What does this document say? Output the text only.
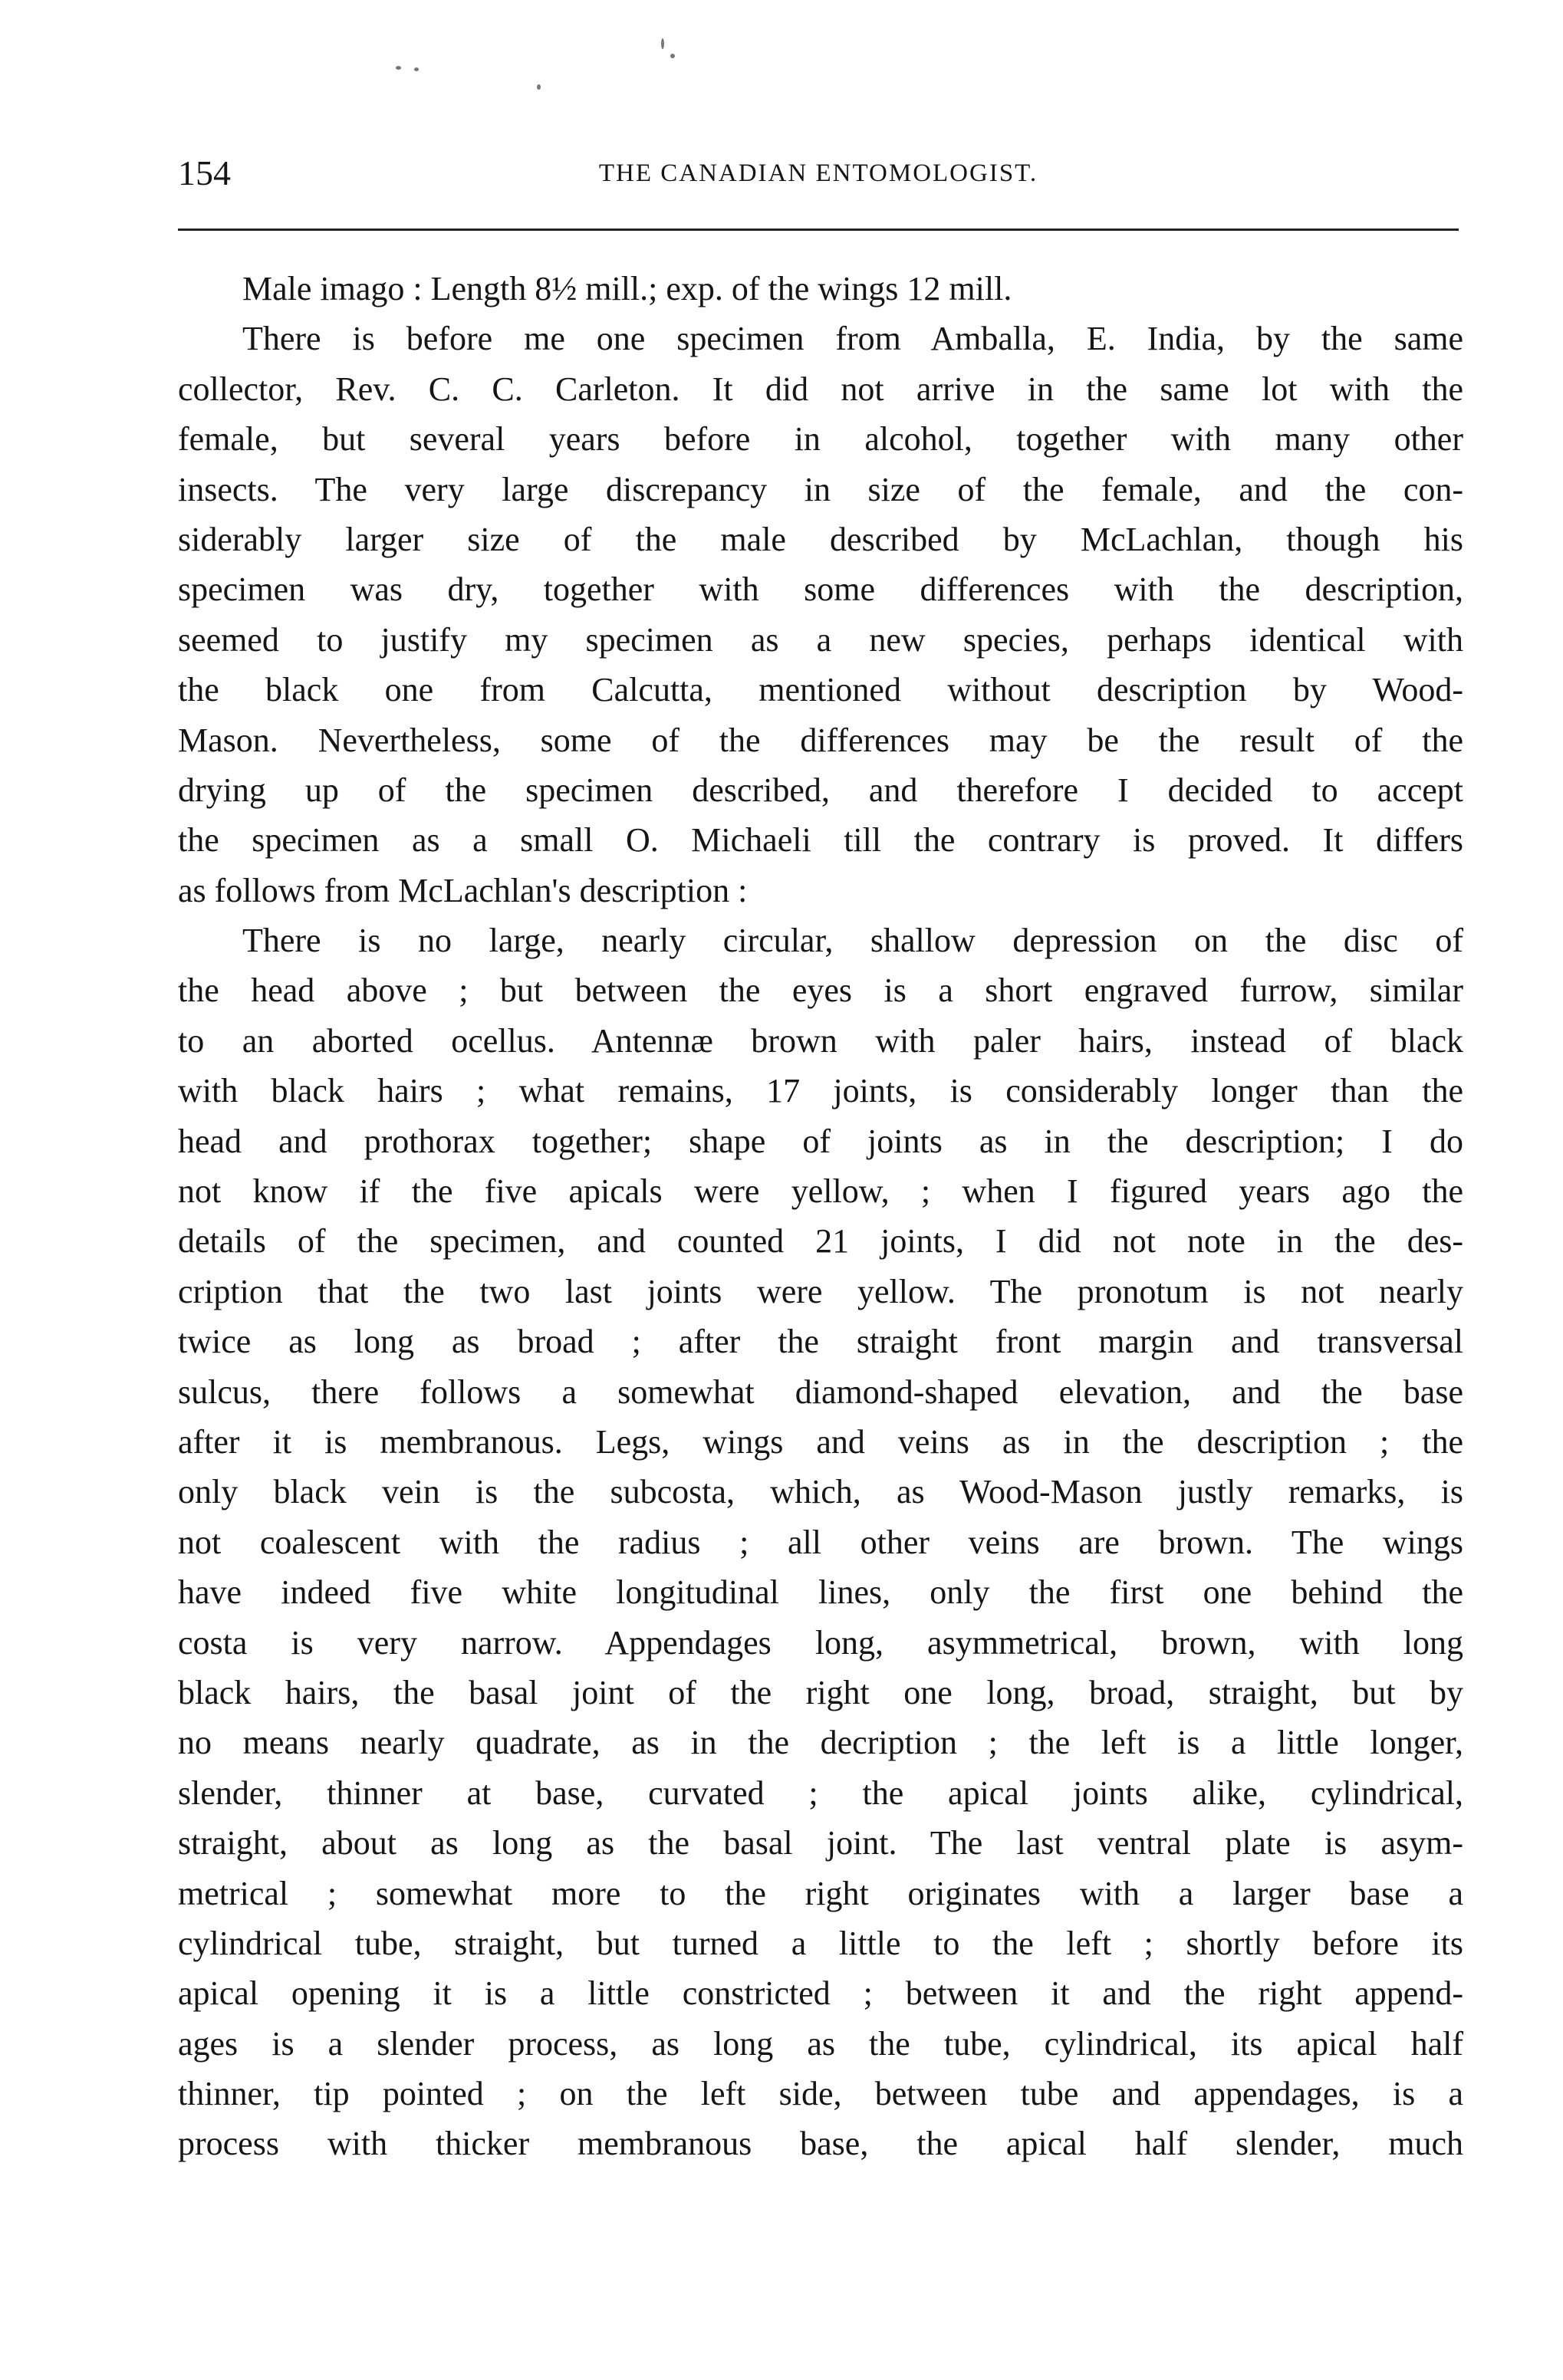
154	THE CANADIAN ENTOMOLOGIST.
Male imago : Length 8½ mill.; exp. of the wings 12 mill.
There is before me one specimen from Amballa, E. India, by the same
collector, Rev. C. C. Carleton. It did not arrive in the same lot with the
female, but several years before in alcohol, together with many other
insects. The very large discrepancy in size of the female, and the con-
siderably larger size of the male described by McLachlan, though his
specimen was dry, together with some differences with the description,
seemed to justify my specimen as a new species, perhaps identical with
the black one from Calcutta, mentioned without description by Wood-
Mason. Nevertheless, some of the differences may be the result of the
drying up of the specimen described, and therefore I decided to accept
the specimen as a small O. Michaeli till the contrary is proved. It differs
as follows from McLachlan's description :
There is no large, nearly circular, shallow depression on the disc of
the head above ; but between the eyes is a short engraved furrow, similar
to an aborted ocellus. Antennæ brown with paler hairs, instead of black
with black hairs ; what remains, 17 joints, is considerably longer than the
head and prothorax together; shape of joints as in the description; I do
not know if the five apicals were yellow, ; when I figured years ago the
details of the specimen, and counted 21 joints, I did not note in the des-
cription that the two last joints were yellow. The pronotum is not nearly
twice as long as broad ; after the straight front margin and transversal
sulcus, there follows a somewhat diamond-shaped elevation, and the base
after it is membranous. Legs, wings and veins as in the description ; the
only black vein is the subcosta, which, as Wood-Mason justly remarks, is
not coalescent with the radius ; all other veins are brown. The wings
have indeed five white longitudinal lines, only the first one behind the
costa is very narrow. Appendages long, asymmetrical, brown, with long
black hairs, the basal joint of the right one long, broad, straight, but by
no means nearly quadrate, as in the decription ; the left is a little longer,
slender, thinner at base, curvated ; the apical joints alike, cylindrical,
straight, about as long as the basal joint. The last ventral plate is asym-
metrical ; somewhat more to the right originates with a larger base a
cylindrical tube, straight, but turned a little to the left ; shortly before its
apical opening it is a little constricted ; between it and the right append-
ages is a slender process, as long as the tube, cylindrical, its apical half
thinner, tip pointed ; on the left side, between tube and appendages, is a
process with thicker membranous base, the apical half slender, much
